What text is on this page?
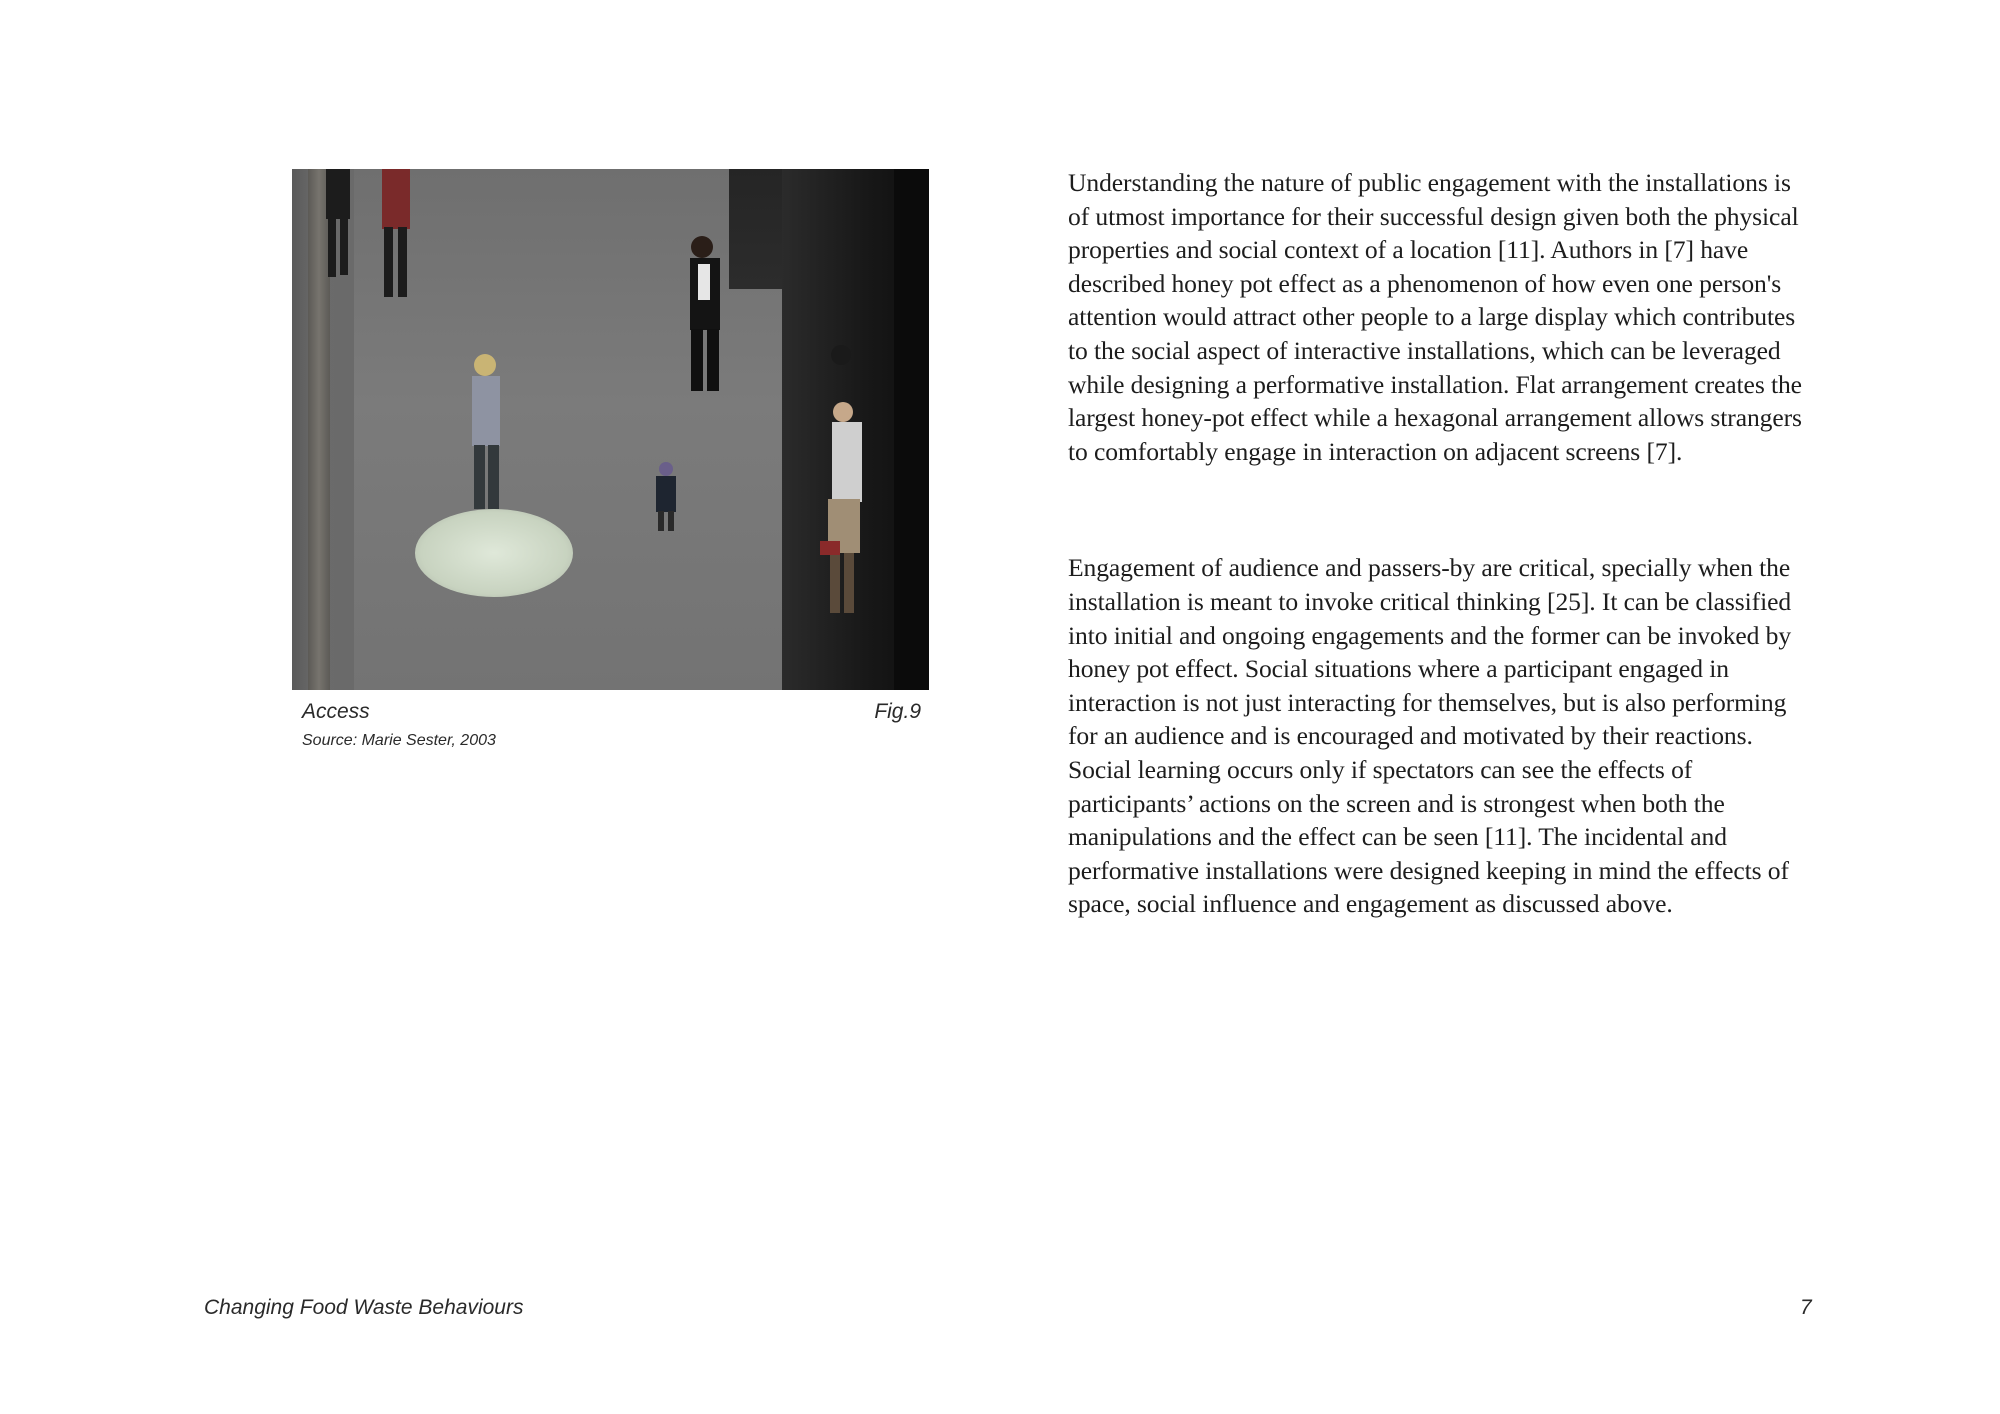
Access	Fig.9
Source: Marie Sester, 2003

Understanding the nature of public engagement with the installations is of utmost importance for their successful design given both the physical properties and social context of a location [11]. Authors in [7] have described honey pot effect as a phenomenon of how even one person's attention would attract other people to a large display which contributes to the social aspect of interactive installations, which can be leveraged while designing a performative installation. Flat arrangement creates the largest honey-pot effect while a hexagonal arrangement allows strangers to comfortably engage in interaction on adjacent screens [7].

Engagement of audience and passers-by are critical, specially when the installation is meant to invoke critical thinking [25]. It can be classified into initial and ongoing engagements and the former can be invoked by honey pot effect. Social situations where a participant engaged in interaction is not just interacting for themselves, but is also performing for an audience and is encouraged and motivated by their reactions. Social learning occurs only if spectators can see the effects of participants’ actions on the screen and is strongest when both the manipulations and the effect can be seen [11]. The incidental and performative installations were designed keeping in mind the effects of space, social influence and engagement as discussed above.

Changing Food Waste Behaviours	7
